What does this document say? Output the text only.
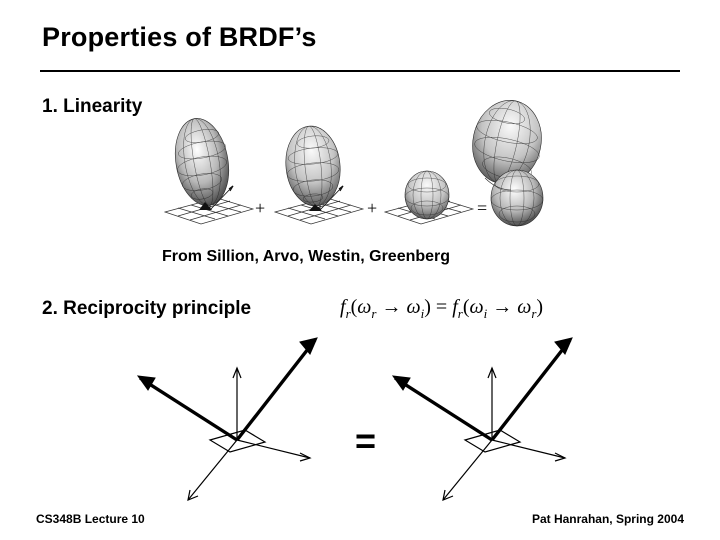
Properties of BRDF’s
1. Linearity
+	+	=
From Sillion, Arvo, Westin, Greenberg
2. Reciprocity principle	$f_r(\omega_r \to \omega_i) = f_r(\omega_i \to \omega_r)$
=
CS348B Lecture 10	Pat Hanrahan, Spring 2004
